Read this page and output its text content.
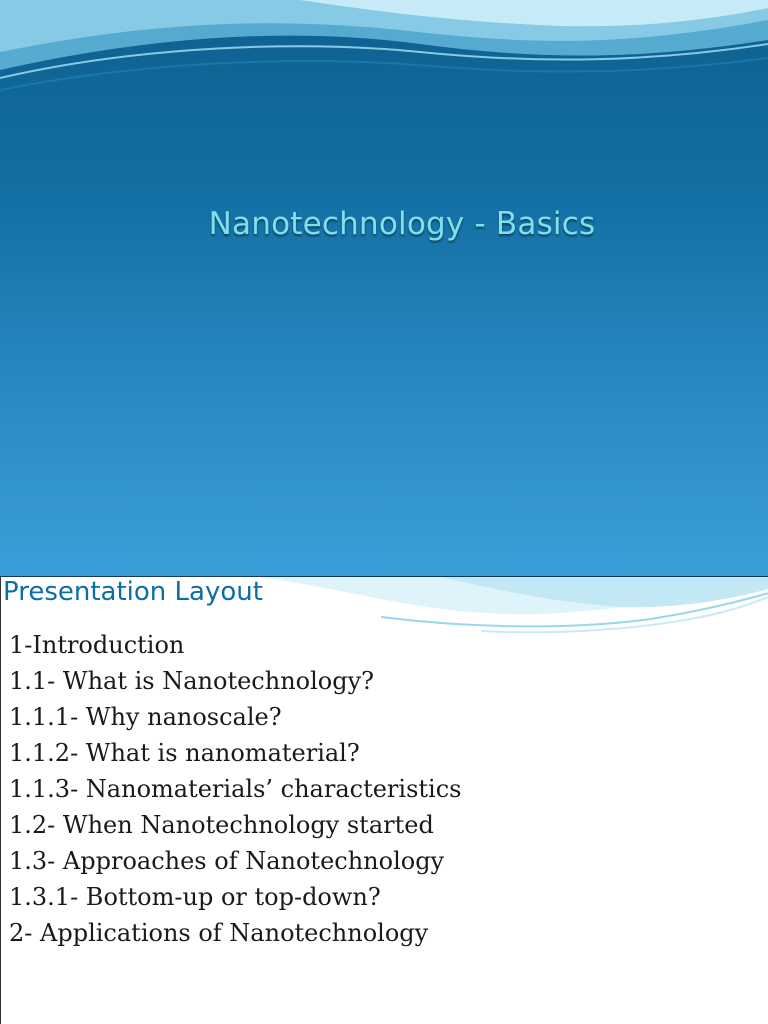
Nanotechnology - Basics
Presentation Layout
1-Introduction
1.1- What is Nanotechnology?
1.1.1- Why nanoscale?
1.1.2- What is nanomaterial?
1.1.3- Nanomaterials’ characteristics
1.2- When Nanotechnology started
1.3- Approaches of Nanotechnology
1.3.1- Bottom-up or top-down?
2- Applications of Nanotechnology
